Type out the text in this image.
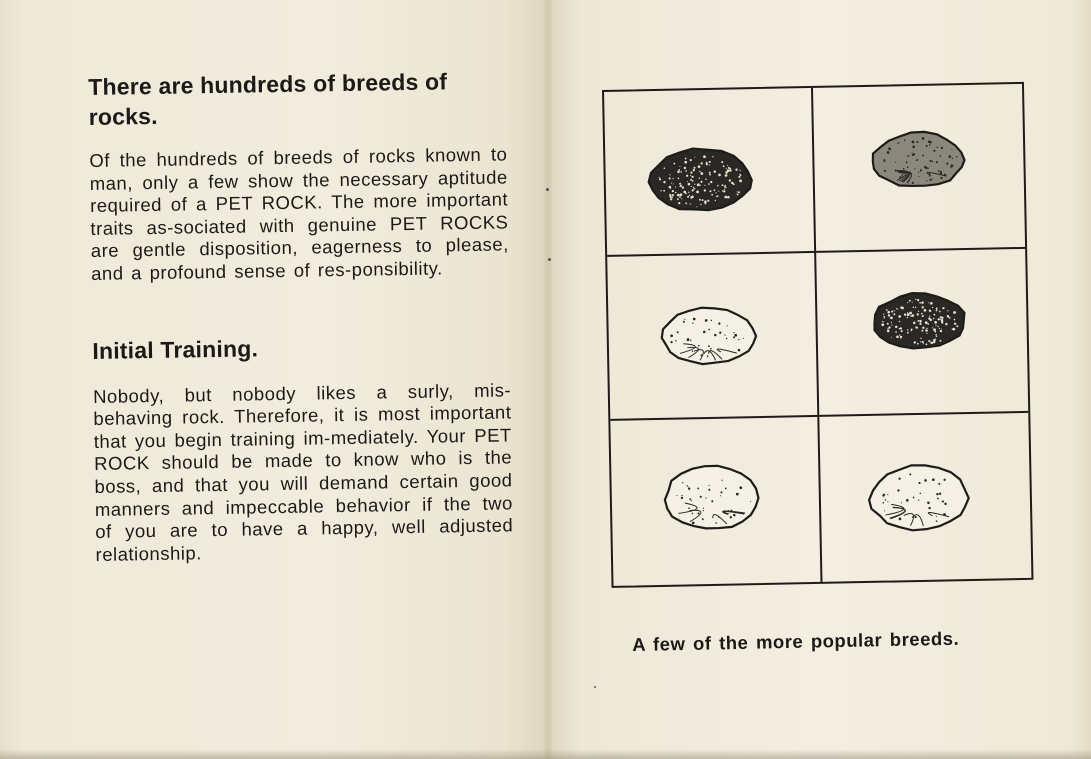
There are hundreds of breeds of rocks.

Of the hundreds of breeds of rocks known to man, only a few show the necessary aptitude required of a PET ROCK. The more important traits as-sociated with genuine PET ROCKS are gentle disposition, eagerness to please, and a profound sense of res-ponsibility.

Initial Training.

Nobody, but nobody likes a surly, mis-behaving rock. Therefore, it is most important that you begin training im-mediately. Your PET ROCK should be made to know who is the boss, and that you will demand certain good manners and impeccable behavior if the two of you are to have a happy, well adjusted relationship.

A few of the more popular breeds.
